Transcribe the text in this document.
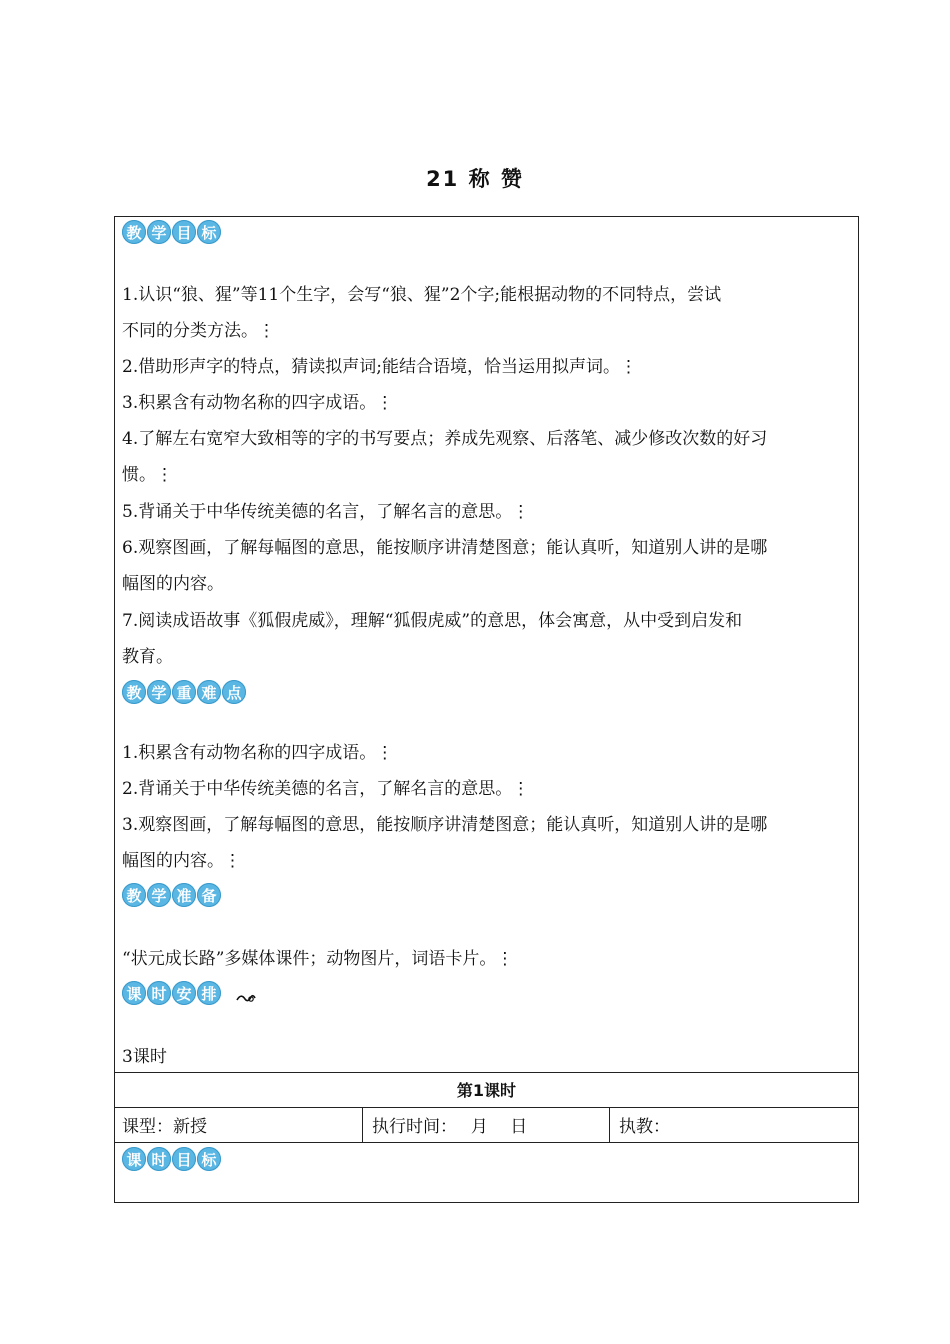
21 称 赞
教 学 目 标
1.认识“狼、猩”等11个生字，会写“狼、猩”2个字;能根据动物的不同特点，尝试
不同的分类方法。⋮
2.借助形声字的特点，猜读拟声词;能结合语境，恰当运用拟声词。⋮
3.积累含有动物名称的四字成语。⋮
4.了解左右宽窄大致相等的字的书写要点；养成先观察、后落笔、减少修改次数的好习
惯。⋮
5.背诵关于中华传统美德的名言，了解名言的意思。⋮
6.观察图画，了解每幅图的意思，能按顺序讲清楚图意；能认真听，知道别人讲的是哪
幅图的内容。
7.阅读成语故事《狐假虎威》，理解“狐假虎威”的意思，体会寓意，从中受到启发和
教育。
教 学 重 难 点
1.积累含有动物名称的四字成语。⋮
2.背诵关于中华传统美德的名言，了解名言的意思。⋮
3.观察图画，了解每幅图的意思，能按顺序讲清楚图意；能认真听，知道别人讲的是哪
幅图的内容。⋮
教 学 准 备
“状元成长路”多媒体课件；动物图片，词语卡片。⋮
课 时 安 排
3课时
第1课时
课型：新授	执行时间：　 月　 日	执教：
课 时 目 标
